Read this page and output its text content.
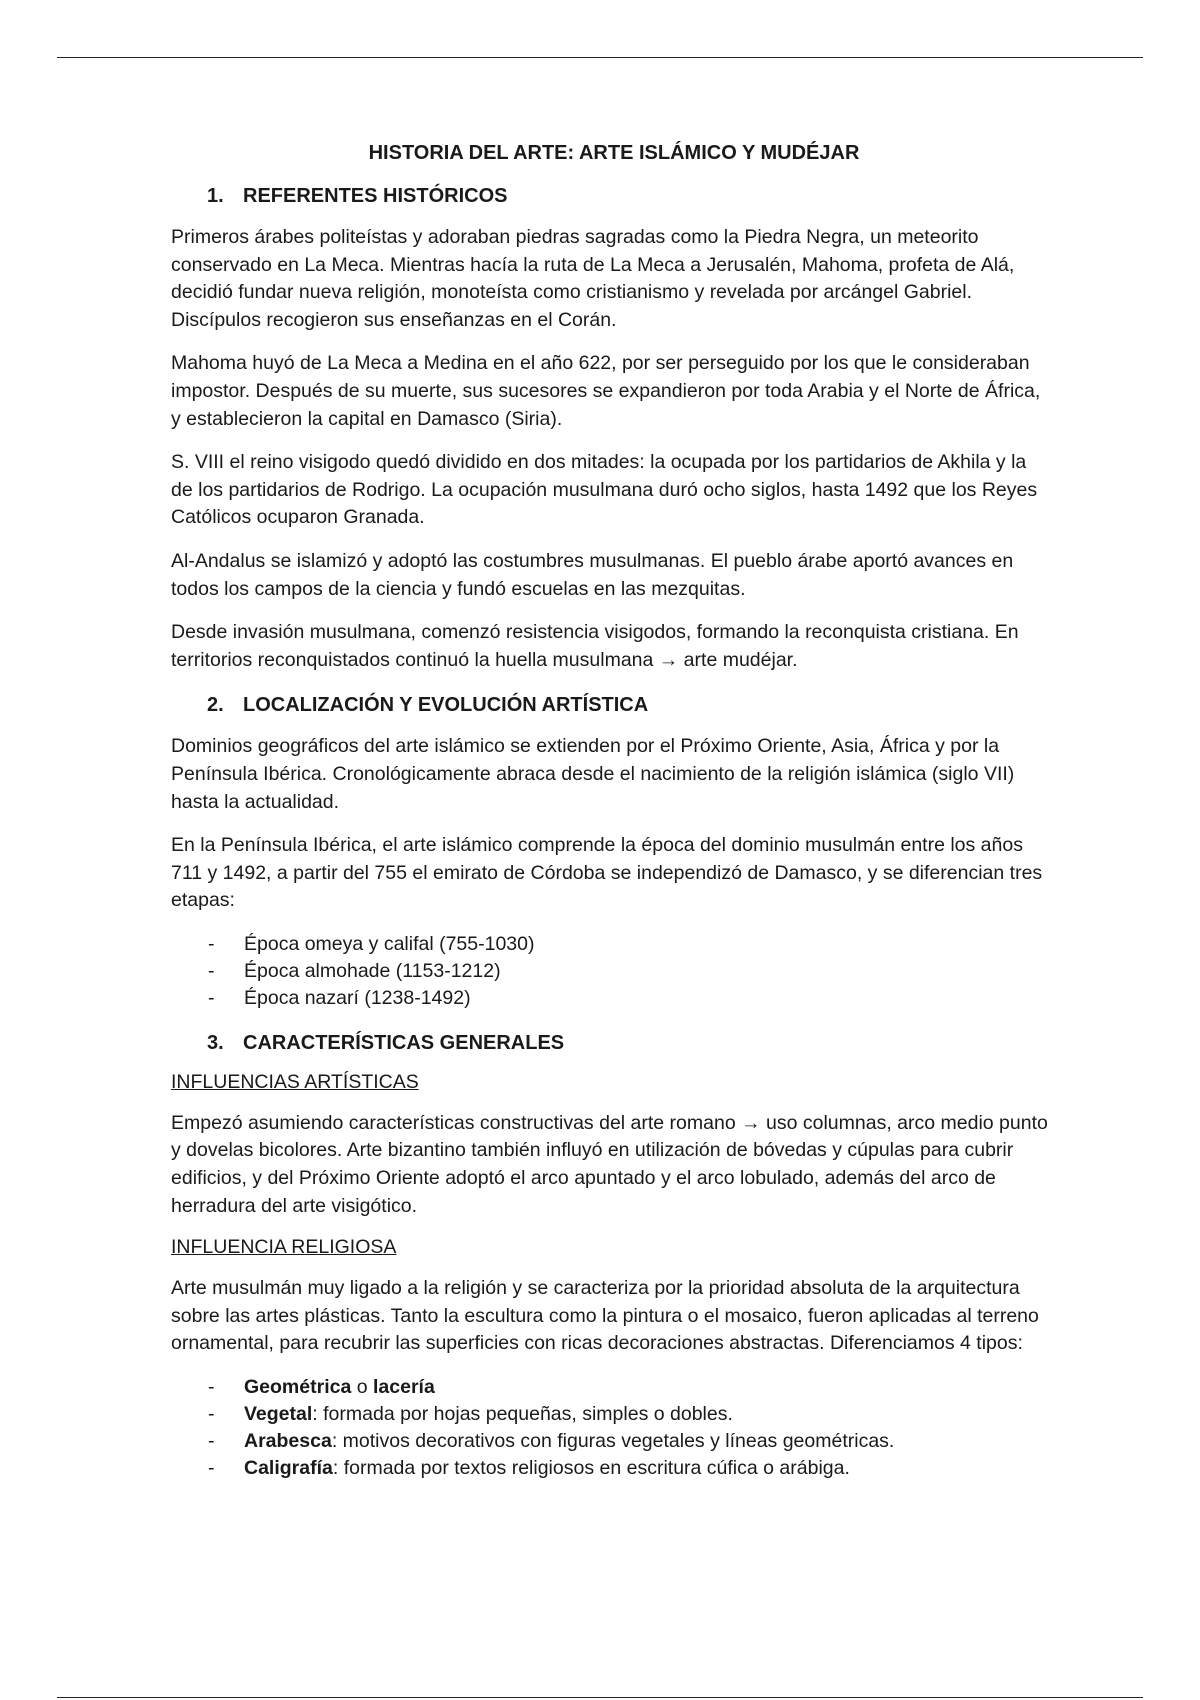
HISTORIA DEL ARTE: ARTE ISLÁMICO Y MUDÉJAR
1. REFERENTES HISTÓRICOS

Primeros árabes politeístas y adoraban piedras sagradas como la Piedra Negra, un meteorito conservado en La Meca. Mientras hacía la ruta de La Meca a Jerusalén, Mahoma, profeta de Alá, decidió fundar nueva religión, monoteísta como cristianismo y revelada por arcángel Gabriel. Discípulos recogieron sus enseñanzas en el Corán.

Mahoma huyó de La Meca a Medina en el año 622, por ser perseguido por los que le consideraban impostor. Después de su muerte, sus sucesores se expandieron por toda Arabia y el Norte de África, y establecieron la capital en Damasco (Siria).

S. VIII el reino visigodo quedó dividido en dos mitades: la ocupada por los partidarios de Akhila y la de los partidarios de Rodrigo. La ocupación musulmana duró ocho siglos, hasta 1492 que los Reyes Católicos ocuparon Granada.

Al-Andalus se islamizó y adoptó las costumbres musulmanas. El pueblo árabe aportó avances en todos los campos de la ciencia y fundó escuelas en las mezquitas.

Desde invasión musulmana, comenzó resistencia visigodos, formando la reconquista cristiana. En territorios reconquistados continuó la huella musulmana → arte mudéjar.

2. LOCALIZACIÓN Y EVOLUCIÓN ARTÍSTICA

Dominios geográficos del arte islámico se extienden por el Próximo Oriente, Asia, África y por la Península Ibérica. Cronológicamente abraca desde el nacimiento de la religión islámica (siglo VII) hasta la actualidad.

En la Península Ibérica, el arte islámico comprende la época del dominio musulmán entre los años 711 y 1492, a partir del 755 el emirato de Córdoba se independizó de Damasco, y se diferencian tres etapas:

- Época omeya y califal (755-1030)
- Época almohade (1153-1212)
- Época nazarí (1238-1492)
3. CARACTERÍSTICAS GENERALES

INFLUENCIAS ARTÍSTICAS

Empezó asumiendo características constructivas del arte romano → uso columnas, arco medio punto y dovelas bicolores. Arte bizantino también influyó en utilización de bóvedas y cúpulas para cubrir edificios, y del Próximo Oriente adoptó el arco apuntado y el arco lobulado, además del arco de herradura del arte visigótico.

INFLUENCIA RELIGIOSA

Arte musulmán muy ligado a la religión y se caracteriza por la prioridad absoluta de la arquitectura sobre las artes plásticas. Tanto la escultura como la pintura o el mosaico, fueron aplicadas al terreno ornamental, para recubrir las superficies con ricas decoraciones abstractas. Diferenciamos 4 tipos:

- Geométrica o lacería
- Vegetal: formada por hojas pequeñas, simples o dobles.
- Arabesca: motivos decorativos con figuras vegetales y líneas geométricas.
- Caligrafía: formada por textos religiosos en escritura cúfica o arábiga.
